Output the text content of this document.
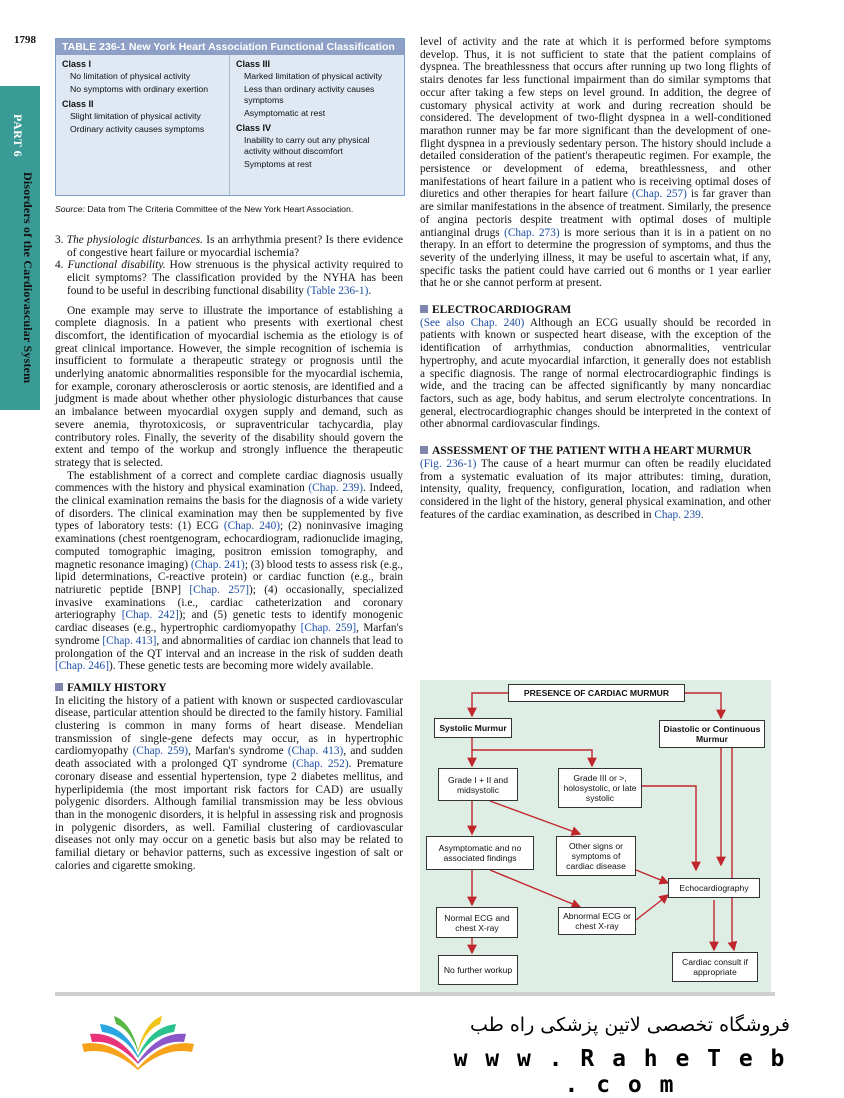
1798
PART 6
Disorders of the Cardiovascular System
TABLE 236-1 New York Heart Association Functional Classification
Class I
No limitation of physical activity
No symptoms with ordinary exertion
Class II
Slight limitation of physical activity
Ordinary activity causes symptoms
Class III
Marked limitation of physical activity
Less than ordinary activity causes symptoms
Asymptomatic at rest
Class IV
Inability to carry out any physical activity without discomfort
Symptoms at rest
Source: Data from The Criteria Committee of the New York Heart Association.

3. The physiologic disturbances. Is an arrhythmia present? Is there evidence of congestive heart failure or myocardial ischemia?

4. Functional disability. How strenuous is the physical activity required to elicit symptoms? The classification provided by the NYHA has been found to be useful in describing functional disability (Table 236-1).

One example may serve to illustrate the importance of establishing a complete diagnosis. In a patient who presents with exertional chest discomfort, the identification of myocardial ischemia as the etiology is of great clinical importance. However, the simple recognition of ischemia is insufficient to formulate a therapeutic strategy or prognosis until the underlying anatomic abnormalities responsible for the myocardial ischemia, for example, coronary atherosclerosis or aortic stenosis, are identified and a judgment is made about whether other physiologic disturbances that cause an imbalance between myocardial oxygen supply and demand, such as severe anemia, thyrotoxicosis, or supraventricular tachycardia, play contributory roles. Finally, the severity of the disability should govern the extent and tempo of the workup and strongly influence the therapeutic strategy that is selected.

The establishment of a correct and complete cardiac diagnosis usually commences with the history and physical examination (Chap. 239). Indeed, the clinical examination remains the basis for the diagnosis of a wide variety of disorders. The clinical examination may then be supplemented by five types of laboratory tests: (1) ECG (Chap. 240); (2) noninvasive imaging examinations (chest roentgenogram, echocardiogram, radionuclide imaging, computed tomographic imaging, positron emission tomography, and magnetic resonance imaging) (Chap. 241); (3) blood tests to assess risk (e.g., lipid determinations, C-reactive protein) or cardiac function (e.g., brain natriuretic peptide [BNP] [Chap. 257]); (4) occasionally, specialized invasive examinations (i.e., cardiac catheterization and coronary arteriography [Chap. 242]); and (5) genetic tests to identify monogenic cardiac diseases (e.g., hypertrophic cardiomyopathy [Chap. 259], Marfan's syndrome [Chap. 413], and abnormalities of cardiac ion channels that lead to prolongation of the QT interval and an increase in the risk of sudden death [Chap. 246]). These genetic tests are becoming more widely available.

FAMILY HISTORY

In eliciting the history of a patient with known or suspected cardiovascular disease, particular attention should be directed to the family history. Familial clustering is common in many forms of heart disease. Mendelian transmission of single-gene defects may occur, as in hypertrophic cardiomyopathy (Chap. 259), Marfan's syndrome (Chap. 413), and sudden death associated with a prolonged QT syndrome (Chap. 252). Premature coronary disease and essential hypertension, type 2 diabetes mellitus, and hyperlipidemia (the most important risk factors for CAD) are usually polygenic disorders. Although familial transmission may be less obvious than in the monogenic disorders, it is helpful in assessing risk and prognosis in polygenic disorders, as well. Familial clustering of cardiovascular diseases not only may occur on a genetic basis but also may be related to familial dietary or behavior patterns, such as excessive ingestion of salt or calories and cigarette smoking.

level of activity and the rate at which it is performed before symptoms develop. Thus, it is not sufficient to state that the patient complains of dyspnea. The breathlessness that occurs after running up two long flights of stairs denotes far less functional impairment than do similar symptoms that occur after taking a few steps on level ground. In addition, the degree of customary physical activity at work and during recreation should be considered. The development of two-flight dyspnea in a well-conditioned marathon runner may be far more significant than the development of one-flight dyspnea in a previously sedentary person. The history should include a detailed consideration of the patient's therapeutic regimen. For example, the persistence or development of edema, breathlessness, and other manifestations of heart failure in a patient who is receiving optimal doses of diuretics and other therapies for heart failure (Chap. 257) is far graver than are similar manifestations in the absence of treatment. Similarly, the presence of angina pectoris despite treatment with optimal doses of multiple antianginal drugs (Chap. 273) is more serious than it is in a patient on no therapy. In an effort to determine the progression of symptoms, and thus the severity of the underlying illness, it may be useful to ascertain what, if any, specific tasks the patient could have carried out 6 months or 1 year earlier that he or she cannot perform at present.

ELECTROCARDIOGRAM

(See also Chap. 240) Although an ECG usually should be recorded in patients with known or suspected heart disease, with the exception of the identification of arrhythmias, conduction abnormalities, ventricular hypertrophy, and acute myocardial infarction, it generally does not establish a specific diagnosis. The range of normal electrocardiographic findings is wide, and the tracing can be affected significantly by many noncardiac factors, such as age, body habitus, and serum electrolyte concentrations. In general, electrocardiographic changes should be interpreted in the context of other abnormal cardiovascular findings.

ASSESSMENT OF THE PATIENT WITH A HEART MURMUR

(Fig. 236-1) The cause of a heart murmur can often be readily elucidated from a systematic evaluation of its major attributes: timing, duration, intensity, quality, frequency, configuration, location, and radiation when considered in the light of the history, general physical examination, and other features of the cardiac examination, as described in Chap. 239.

PRESENCE OF CARDIAC MURMUR
Systolic Murmur	Diastolic or Continuous Murmur
Grade I + II and midsystolic
Grade III or >, holosystolic, or late systolic
Asymptomatic and no associated findings
Other signs or symptoms of cardiac disease
Echocardiography
Normal ECG and chest X-ray
Abnormal ECG or chest X-ray
No further workup
Cardiac consult if appropriate
فروشگاه تخصصی لاتین پزشکی راه طب
w w w . R a h e T e b . c o m
